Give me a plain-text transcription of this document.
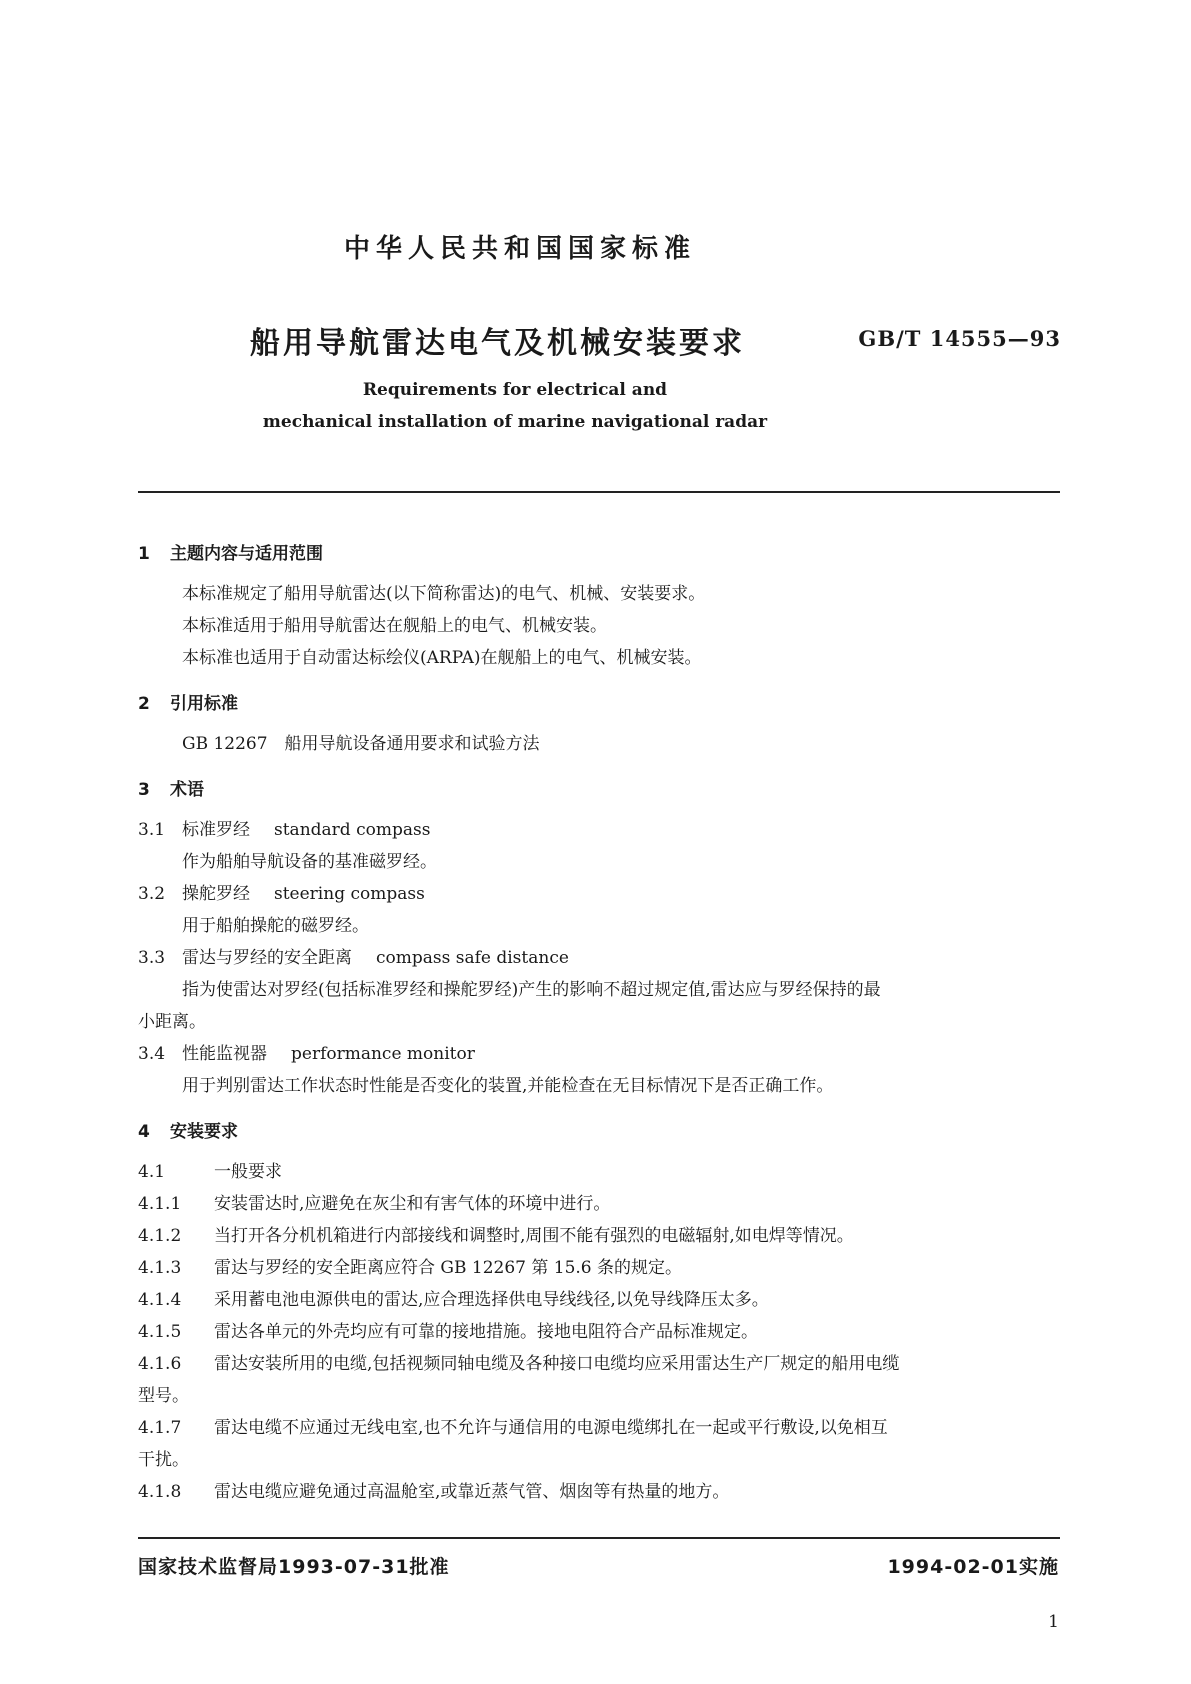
中华人民共和国国家标准
船用导航雷达电气及机械安装要求	GB/T 14555—93
Requirements for electrical and
mechanical installation of marine navigational radar
1	主题内容与适用范围
本标准规定了船用导航雷达(以下简称雷达)的电气、机械、安装要求。
本标准适用于船用导航雷达在舰船上的电气、机械安装。
本标准也适用于自动雷达标绘仪(ARPA)在舰船上的电气、机械安装。
2	引用标准
GB 12267　船用导航设备通用要求和试验方法
3	术语
3.1 标准罗经 standard compass
作为船舶导航设备的基准磁罗经。
3.2 操舵罗经 steering compass
用于船舶操舵的磁罗经。
3.3 雷达与罗经的安全距离 compass safe distance
指为使雷达对罗经(包括标准罗经和操舵罗经)产生的影响不超过规定值,雷达应与罗经保持的最
小距离。
3.4 性能监视器 performance monitor
用于判别雷达工作状态时性能是否变化的装置,并能检查在无目标情况下是否正确工作。
4	安装要求
4.1	一般要求
4.1.1	安装雷达时,应避免在灰尘和有害气体的环境中进行。
4.1.2	当打开各分机机箱进行内部接线和调整时,周围不能有强烈的电磁辐射,如电焊等情况。
4.1.3	雷达与罗经的安全距离应符合 GB 12267 第 15.6 条的规定。
4.1.4	采用蓄电池电源供电的雷达,应合理选择供电导线线径,以免导线降压太多。
4.1.5	雷达各单元的外壳均应有可靠的接地措施。接地电阻符合产品标准规定。
4.1.6	雷达安装所用的电缆,包括视频同轴电缆及各种接口电缆均应采用雷达生产厂规定的船用电缆
型号。
4.1.7	雷达电缆不应通过无线电室,也不允许与通信用的电源电缆绑扎在一起或平行敷设,以免相互
干扰。
4.1.8	雷达电缆应避免通过高温舱室,或靠近蒸气管、烟囱等有热量的地方。
国家技术监督局1993-07-31批准	1994-02-01实施
1
